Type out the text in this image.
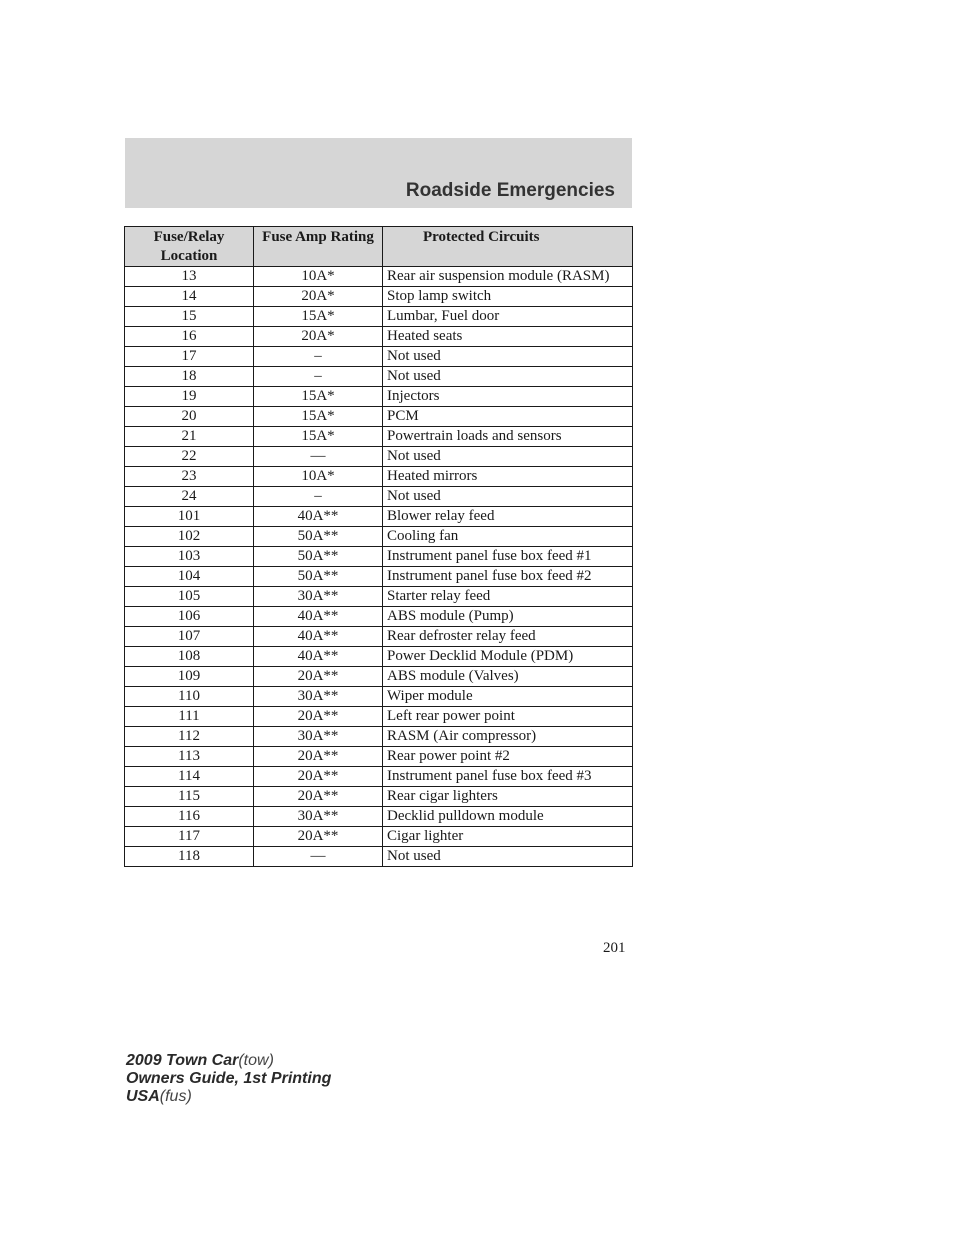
Roadside Emergencies
Fuse/Relay Location	Fuse Amp Rating	Protected Circuits
13	10A*	Rear air suspension module (RASM)
14	20A*	Stop lamp switch
15	15A*	Lumbar, Fuel door
16	20A*	Heated seats
17	–	Not used
18	–	Not used
19	15A*	Injectors
20	15A*	PCM
21	15A*	Powertrain loads and sensors
22	—	Not used
23	10A*	Heated mirrors
24	–	Not used
101	40A**	Blower relay feed
102	50A**	Cooling fan
103	50A**	Instrument panel fuse box feed #1
104	50A**	Instrument panel fuse box feed #2
105	30A**	Starter relay feed
106	40A**	ABS module (Pump)
107	40A**	Rear defroster relay feed
108	40A**	Power Decklid Module (PDM)
109	20A**	ABS module (Valves)
110	30A**	Wiper module
111	20A**	Left rear power point
112	30A**	RASM (Air compressor)
113	20A**	Rear power point #2
114	20A**	Instrument panel fuse box feed #3
115	20A**	Rear cigar lighters
116	30A**	Decklid pulldown module
117	20A**	Cigar lighter
118	—	Not used
201
2009 Town Car(tow)
Owners Guide, 1st Printing
USA(fus)
